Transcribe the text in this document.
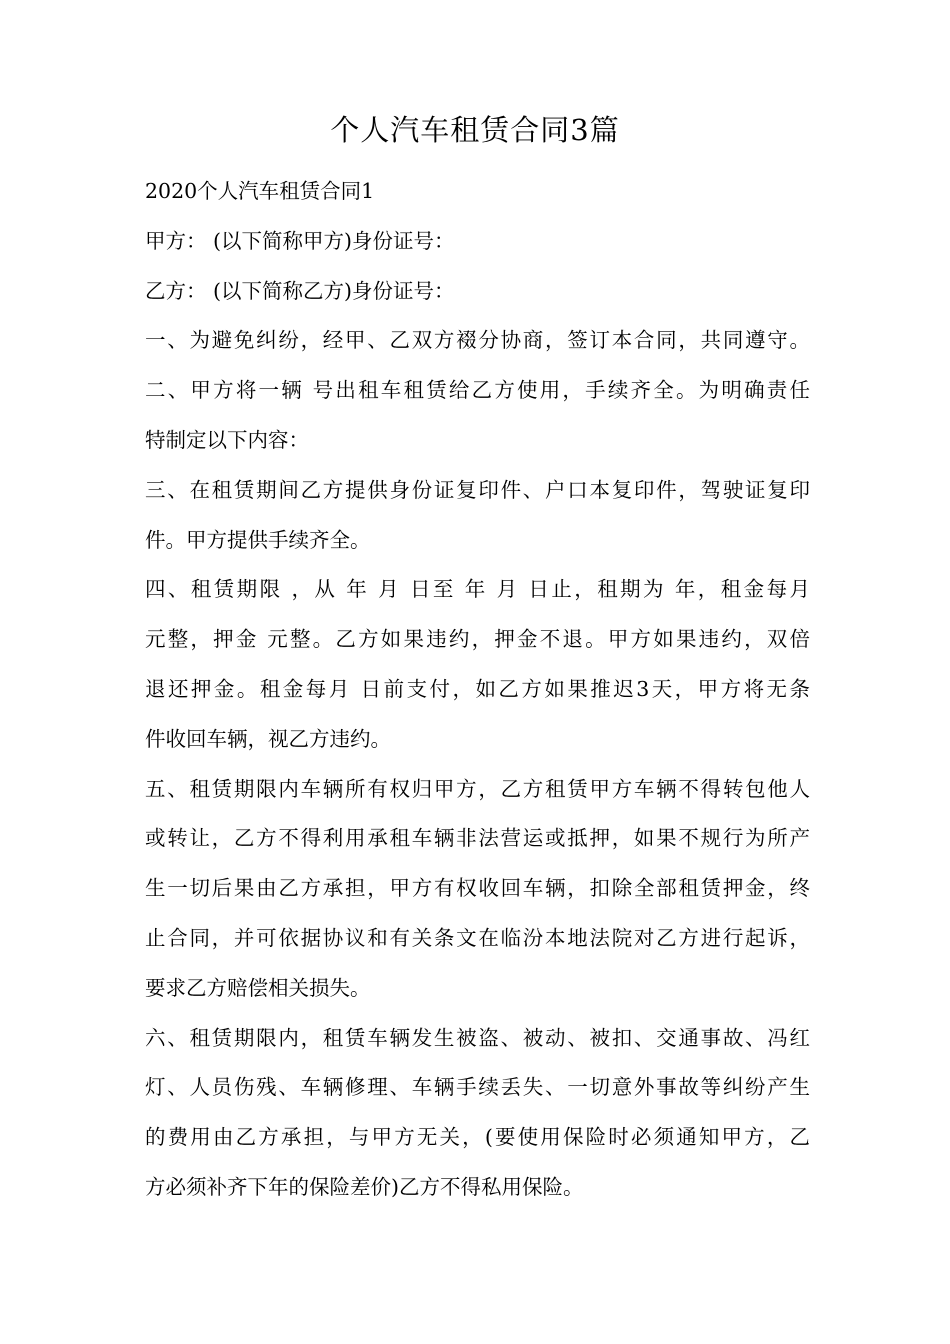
个人汽车租赁合同3篇
2020个人汽车租赁合同1
甲方： (以下简称甲方)身份证号：
乙方： (以下简称乙方)身份证号：
一、为避免纠纷，经甲、乙双方裰分协商，签订本合同，共同遵守。
二、甲方将一辆 号出租车租赁给乙方使用，手续齐全。为明确责任
特制定以下内容：
三、在租赁期间乙方提供身份证复印件、户口本复印件，驾驶证复印
件。甲方提供手续齐全。
四、租赁期限 ，从 年 月 日至 年 月 日止，租期为 年，租金每月
元整，押金 元整。乙方如果违约，押金不退。甲方如果违约，双倍
退还押金。租金每月 日前支付，如乙方如果推迟3天，甲方将无条
件收回车辆，视乙方违约。
五、租赁期限内车辆所有权归甲方，乙方租赁甲方车辆不得转包他人
或转让，乙方不得利用承租车辆非法营运或抵押，如果不规行为所产
生一切后果由乙方承担，甲方有权收回车辆，扣除全部租赁押金，终
止合同，并可依据协议和有关条文在临汾本地法院对乙方进行起诉，
要求乙方赔偿相关损失。
六、租赁期限内，租赁车辆发生被盗、被动、被扣、交通事故、冯红
灯、人员伤残、车辆修理、车辆手续丢失、一切意外事故等纠纷产生
的费用由乙方承担，与甲方无关，(要使用保险时必须通知甲方，乙
方必须补齐下年的保险差价)乙方不得私用保险。
